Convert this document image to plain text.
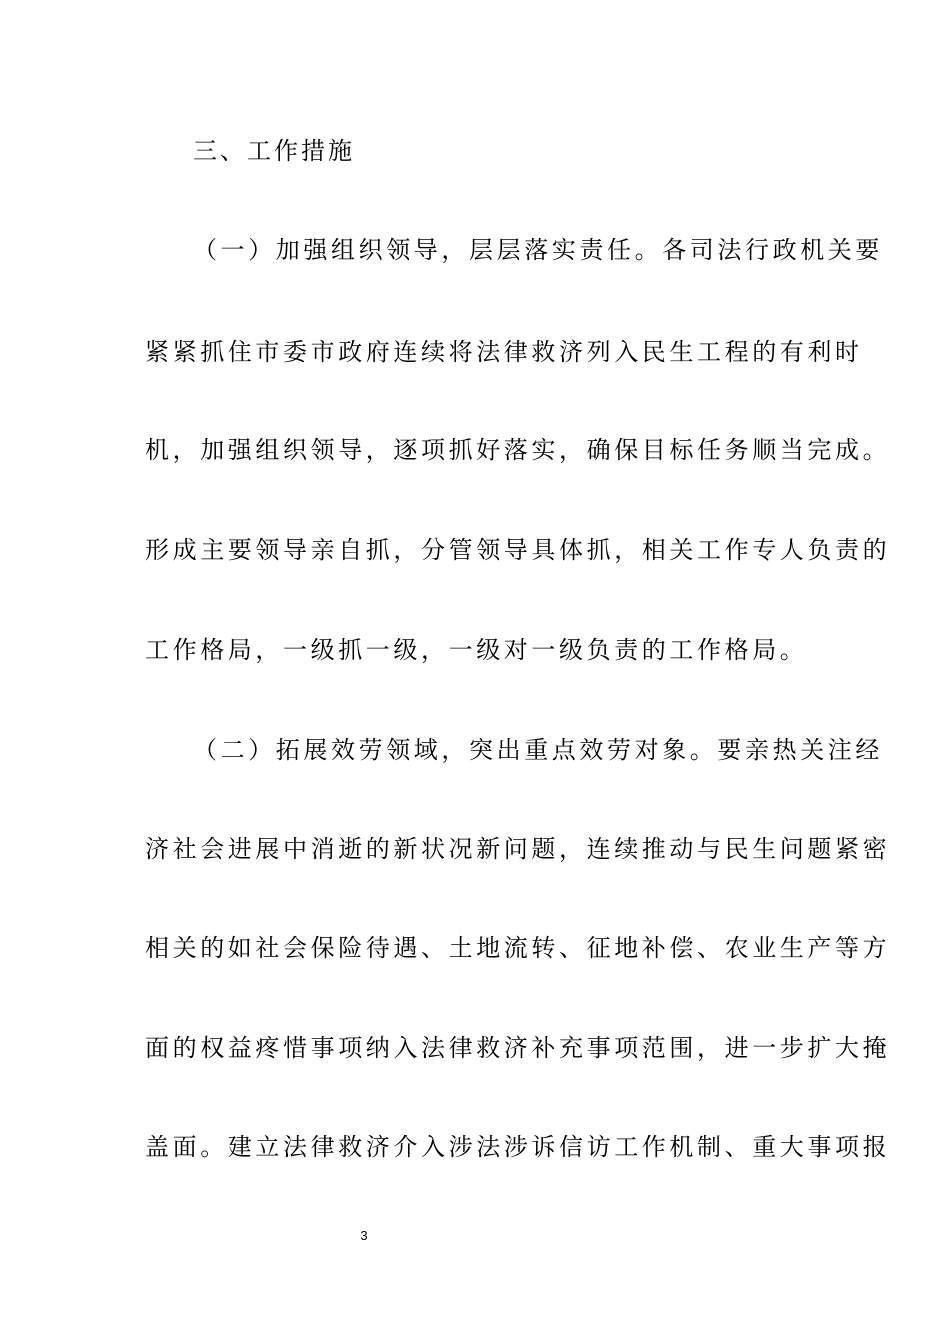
三、工作措施
（一）加强组织领导，层层落实责任。各司法行政机关要
紧紧抓住市委市政府连续将法律救济列入民生工程的有利时
机，加强组织领导，逐项抓好落实，确保目标任务顺当完成。
形成主要领导亲自抓，分管领导具体抓，相关工作专人负责的
工作格局，一级抓一级，一级对一级负责的工作格局。
（二）拓展效劳领域，突出重点效劳对象。要亲热关注经
济社会进展中消逝的新状况新问题，连续推动与民生问题紧密
相关的如社会保险待遇、土地流转、征地补偿、农业生产等方
面的权益疼惜事项纳入法律救济补充事项范围，进一步扩大掩
盖面。建立法律救济介入涉法涉诉信访工作机制、重大事项报
3
